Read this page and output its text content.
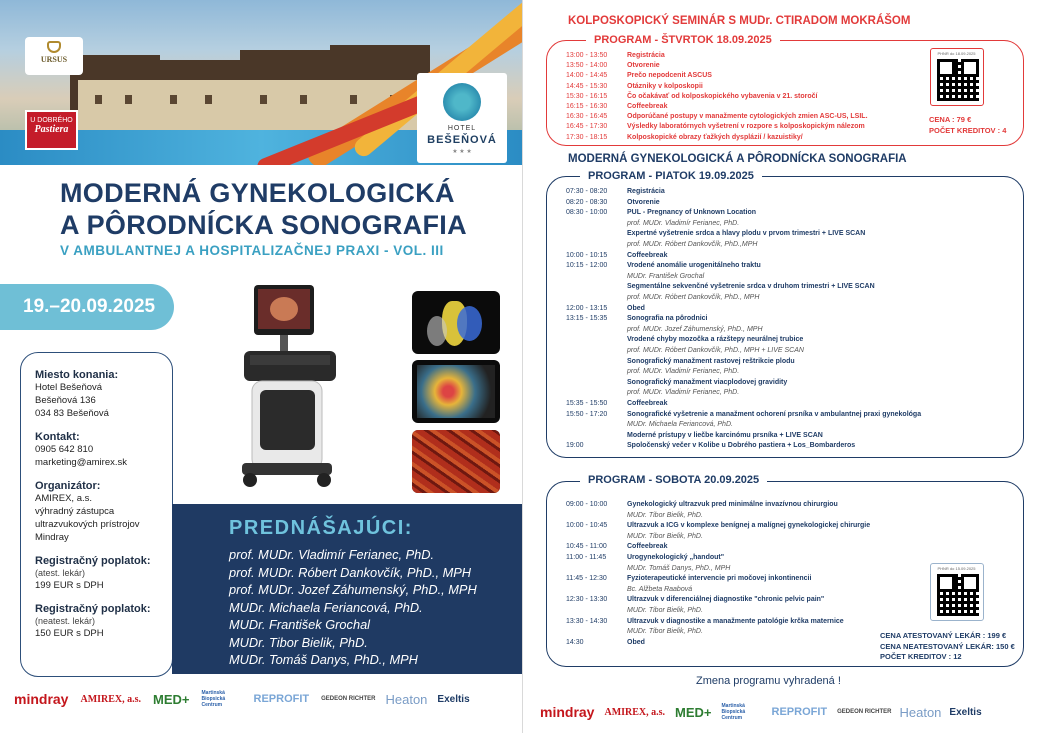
URSUS
U DOBRÉHO
Pastiera	HOTEL
BEŠEŇOVÁ
★ ★ ★
MODERNÁ GYNEKOLOGICKÁ
A PÔRODNÍCKA SONOGRAFIA
V AMBULANTNEJ A HOSPITALIZAČNEJ PRAXI - VOL. III
19.–20.09.2025
Miesto konania:
Hotel Bešeňová
Bešeňová 136
034 83 Bešeňová
Kontakt:
0905 642 810
marketing@amirex.sk
Organizátor:
AMIREX, a.s.
výhradný zástupca
ultrazvukových prístrojov
Mindray
Registračný poplatok:
(atest. lekár)
199 EUR s DPH
Registračný poplatok:
(neatest. lekár)
150 EUR s DPH
PREDNÁŠAJÚCI:
prof. MUDr. Vladimír Ferianec, PhD.
prof. MUDr. Róbert Dankovčík, PhD., MPH
prof. MUDr. Jozef Záhumenský, PhD., MPH
MUDr. Michaela Feriancová, PhD.
MUDr. František Grochal
MUDr. Tibor Bielik, PhD.
MUDr. Tomáš Danys, PhD., MPH
mindray AMIREX, a.s. MED+ Martinská Biopsická Centrum	REPROFIT GEDEON RICHTER Heaton Exeltis
KOLPOSKOPICKÝ SEMINÁR S MUDr. CTIRADOM MOKRÁŠOM
PROGRAM - ŠTVRTOK 18.09.2025
13:00 - 13:50	Registrácia
13:50 - 14:00	Otvorenie
14:00 - 14:45	Prečo nepodcenit ASCUS
14:45 - 15:30	Otázniky v kolposkopii
15:30 - 16:15	Čo očakávať od kolposkopického vybavenia v 21. storočí
16:15 - 16:30	Coffeebreak
16:30 - 16:45	Odporúčané postupy v manažmente cytologických zmien ASC-US, LSIL.
16:45 - 17:30	Výsledky laboratórnych vyšetrení v rozpore s kolposkopickým nálezom
17:30 - 18:15	Kolposkopické obrazy ťažkých dysplázií / kazuistiky/
PHNR do 18.09.2025
CENA : 79 €
POČET KREDITOV : 4
MODERNÁ GYNEKOLOGICKÁ A PÔRODNÍCKA SONOGRAFIA
PROGRAM - PIATOK 19.09.2025
07:30 - 08:20	Registrácia
08:20 - 08:30	Otvorenie
08:30 - 10:00	PUL - Pregnancy of Unknown Location
prof. MUDr. Vladimír Ferianec, PhD.
Expertné vyšetrenie srdca a hlavy plodu v prvom trimestri + LIVE SCAN
prof. MUDr. Róbert Dankovčík, PhD.,MPH
10:00 - 10:15	Coffeebreak
10:15 - 12:00	Vrodené anomálie urogenitálneho traktu
MUDr. František Grochal
Segmentálne sekvenčné vyšetrenie srdca v druhom trimestri + LIVE SCAN
prof. MUDr. Róbert Dankovčík, PhD., MPH
12:00 - 13:15	Obed
13:15 - 15:35	Sonografia na pôrodnici
prof. MUDr. Jozef Záhumenský, PhD., MPH
Vrodené chyby mozočka a rázštepy neurálnej trubice
prof. MUDr. Róbert Dankovčík, PhD., MPH + LIVE SCAN
Sonografický manažment rastovej reštrikcie plodu
prof. MUDr. Vladimír Ferianec, PhD.
Sonografický manažment viacplodovej gravidity
prof. MUDr. Vladimír Ferianec, PhD.
15:35 - 15:50	Coffeebreak
15:50 - 17:20	Sonografické vyšetrenie a manažment ochorení prsníka v ambulantnej praxi gynekológa
MUDr. Michaela Feriancová, PhD.
Moderné prístupy v liečbe karcinómu prsníka + LIVE SCAN
19:00	Spoločenský večer v Kolibe u Dobrého pastiera + Los_Bombarderos
PROGRAM - SOBOTA 20.09.2025
09:00 - 10:00	Gynekologický ultrazvuk pred minimálne invazívnou chirurgiou
MUDr. Tibor Bielik, PhD.
10:00 - 10:45	Ultrazvuk a ICG v komplexe benígnej a malígnej gynekologickej chirurgie
MUDr. Tibor Bielik, PhD.
10:45 - 11:00	Coffeebreak
11:00 - 11:45	Urogynekologický „handout"
MUDr. Tomáš Danys, PhD., MPH
11:45 - 12:30	Fyzioterapeutické intervencie pri močovej inkontinencii
Bc. Alžbeta Raabová
12:30 - 13:30	Ultrazvuk v diferenciálnej diagnostike "chronic pelvic pain"
MUDr. Tibor Bielik, PhD.
13:30 - 14:30	Ultrazvuk v diagnostike a manažmente patológie krčka maternice
MUDr. Tibor Bielik, PhD.
14:30	Obed
PHNR do 15.09.2025
CENA ATESTOVANÝ LEKÁR : 199 €
CENA NEATESTOVANÝ LEKÁR: 150 €
POČET KREDITOV : 12
Zmena programu vyhradená !
mindray AMIREX, a.s. MED+ Martinská Biopsická Centrum	REPROFIT GEDEON RICHTER Heaton Exeltis
